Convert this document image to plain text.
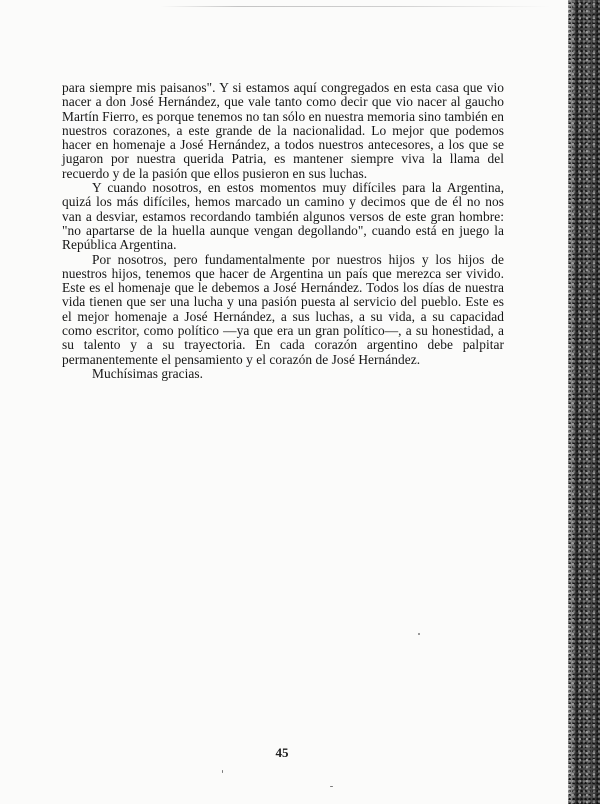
para siempre mis paisanos". Y si estamos aquí congregados en esta casa que vio nacer a don José Hernández, que vale tanto como decir que vio nacer al gaucho Martín Fierro, es porque tenemos no tan sólo en nuestra memoria sino también en nuestros corazones, a este grande de la nacionalidad. Lo mejor que podemos hacer en homenaje a José Hernández, a todos nuestros antecesores, a los que se jugaron por nuestra querida Patria, es mantener siempre viva la llama del recuerdo y de la pasión que ellos pusieron en sus luchas.

Y cuando nosotros, en estos momentos muy difíciles para la Argentina, quizá los más difíciles, hemos marcado un camino y decimos que de él no nos van a desviar, estamos recordando también algunos versos de este gran hombre: "no apartarse de la huella aunque vengan degollando", cuando está en juego la República Argentina.

Por nosotros, pero fundamentalmente por nuestros hijos y los hijos de nuestros hijos, tenemos que hacer de Argentina un país que merezca ser vivido. Este es el homenaje que le debemos a José Hernández. Todos los días de nuestra vida tienen que ser una lucha y una pasión puesta al servicio del pueblo. Este es el mejor homenaje a José Hernández, a sus luchas, a su vida, a su capacidad como escritor, como político —ya que era un gran político—, a su honestidad, a su talento y a su trayectoria. En cada corazón argentino debe palpitar permanentemente el pensamiento y el corazón de José Hernández.

Muchísimas gracias.

45
